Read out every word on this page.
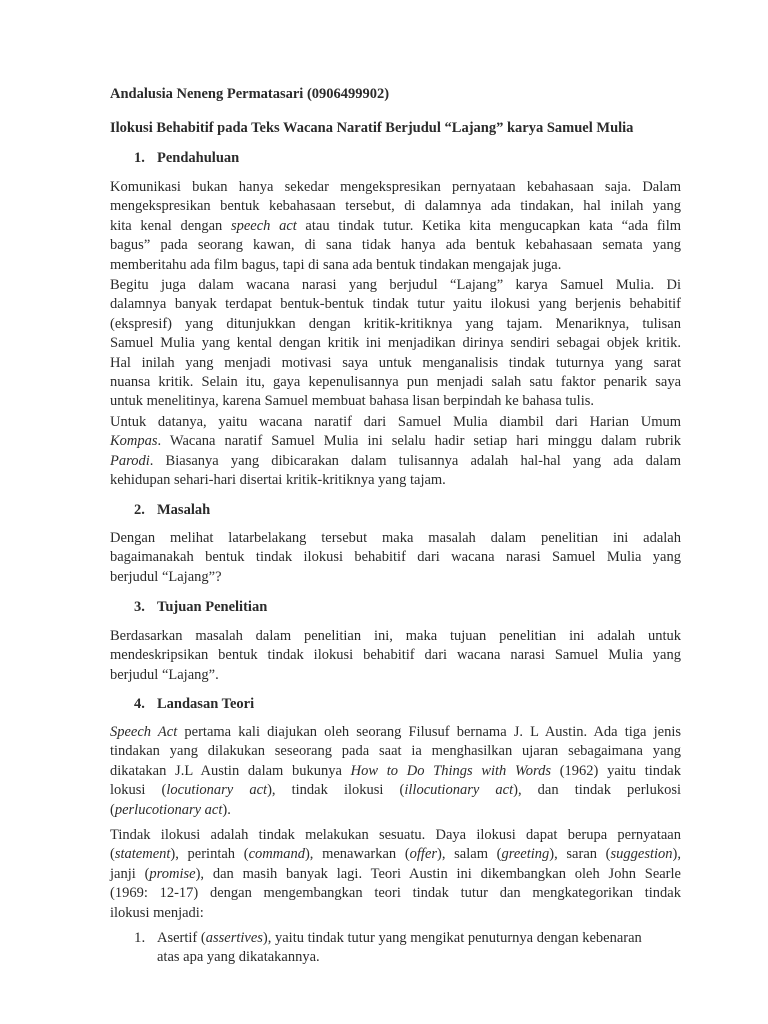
Andalusia Neneng Permatasari (0906499902)
Ilokusi Behabitif pada Teks Wacana Naratif Berjudul “Lajang” karya Samuel Mulia
1. Pendahuluan
Komunikasi bukan hanya sekedar mengekspresikan pernyataan kebahasaan saja. Dalam
mengekspresikan bentuk kebahasaan tersebut, di dalamnya ada tindakan, hal inilah yang
kita kenal dengan speech act atau tindak tutur. Ketika kita mengucapkan kata “ada film
bagus” pada seorang kawan, di sana tidak hanya ada bentuk kebahasaan semata yang
memberitahu ada film bagus, tapi di sana ada bentuk tindakan mengajak juga.
Begitu juga dalam wacana narasi yang berjudul “Lajang” karya Samuel Mulia. Di
dalamnya banyak terdapat bentuk-bentuk tindak tutur yaitu ilokusi yang berjenis behabitif
(ekspresif) yang ditunjukkan dengan kritik-kritiknya yang tajam. Menariknya, tulisan
Samuel Mulia yang kental dengan kritik ini menjadikan dirinya sendiri sebagai objek kritik.
Hal inilah yang menjadi motivasi saya untuk menganalisis tindak tuturnya yang sarat
nuansa kritik. Selain itu, gaya kepenulisannya pun menjadi salah satu faktor penarik saya
untuk menelitinya, karena Samuel membuat bahasa lisan berpindah ke bahasa tulis.
Untuk datanya, yaitu wacana naratif dari Samuel Mulia diambil dari Harian Umum
Kompas. Wacana naratif Samuel Mulia ini selalu hadir setiap hari minggu dalam rubrik
Parodi. Biasanya yang dibicarakan dalam tulisannya adalah hal-hal yang ada dalam
kehidupan sehari-hari disertai kritik-kritiknya yang tajam.
2. Masalah
Dengan melihat latarbelakang tersebut maka masalah dalam penelitian ini adalah
bagaimanakah bentuk tindak ilokusi behabitif dari wacana narasi Samuel Mulia yang
berjudul “Lajang”?
3. Tujuan Penelitian
Berdasarkan masalah dalam penelitian ini, maka tujuan penelitian ini adalah untuk
mendeskripsikan bentuk tindak ilokusi behabitif dari wacana narasi Samuel Mulia yang
berjudul “Lajang”.
4. Landasan Teori
Speech Act pertama kali diajukan oleh seorang Filusuf bernama J. L Austin. Ada tiga jenis
tindakan yang dilakukan seseorang pada saat ia menghasilkan ujaran sebagaimana yang
dikatakan J.L Austin dalam bukunya How to Do Things with Words (1962) yaitu tindak
lokusi (locutionary act), tindak ilokusi (illocutionary act), dan tindak perlukosi
(perlucotionary act).
Tindak ilokusi adalah tindak melakukan sesuatu. Daya ilokusi dapat berupa pernyataan
(statement), perintah (command), menawarkan (offer), salam (greeting), saran (suggestion),
janji (promise), dan masih banyak lagi. Teori Austin ini dikembangkan oleh John Searle
(1969: 12-17) dengan mengembangkan teori tindak tutur dan mengkategorikan tindak
ilokusi menjadi:
1. Asertif (assertives), yaitu tindak tutur yang mengikat penuturnya dengan kebenaran
atas apa yang dikatakannya.
